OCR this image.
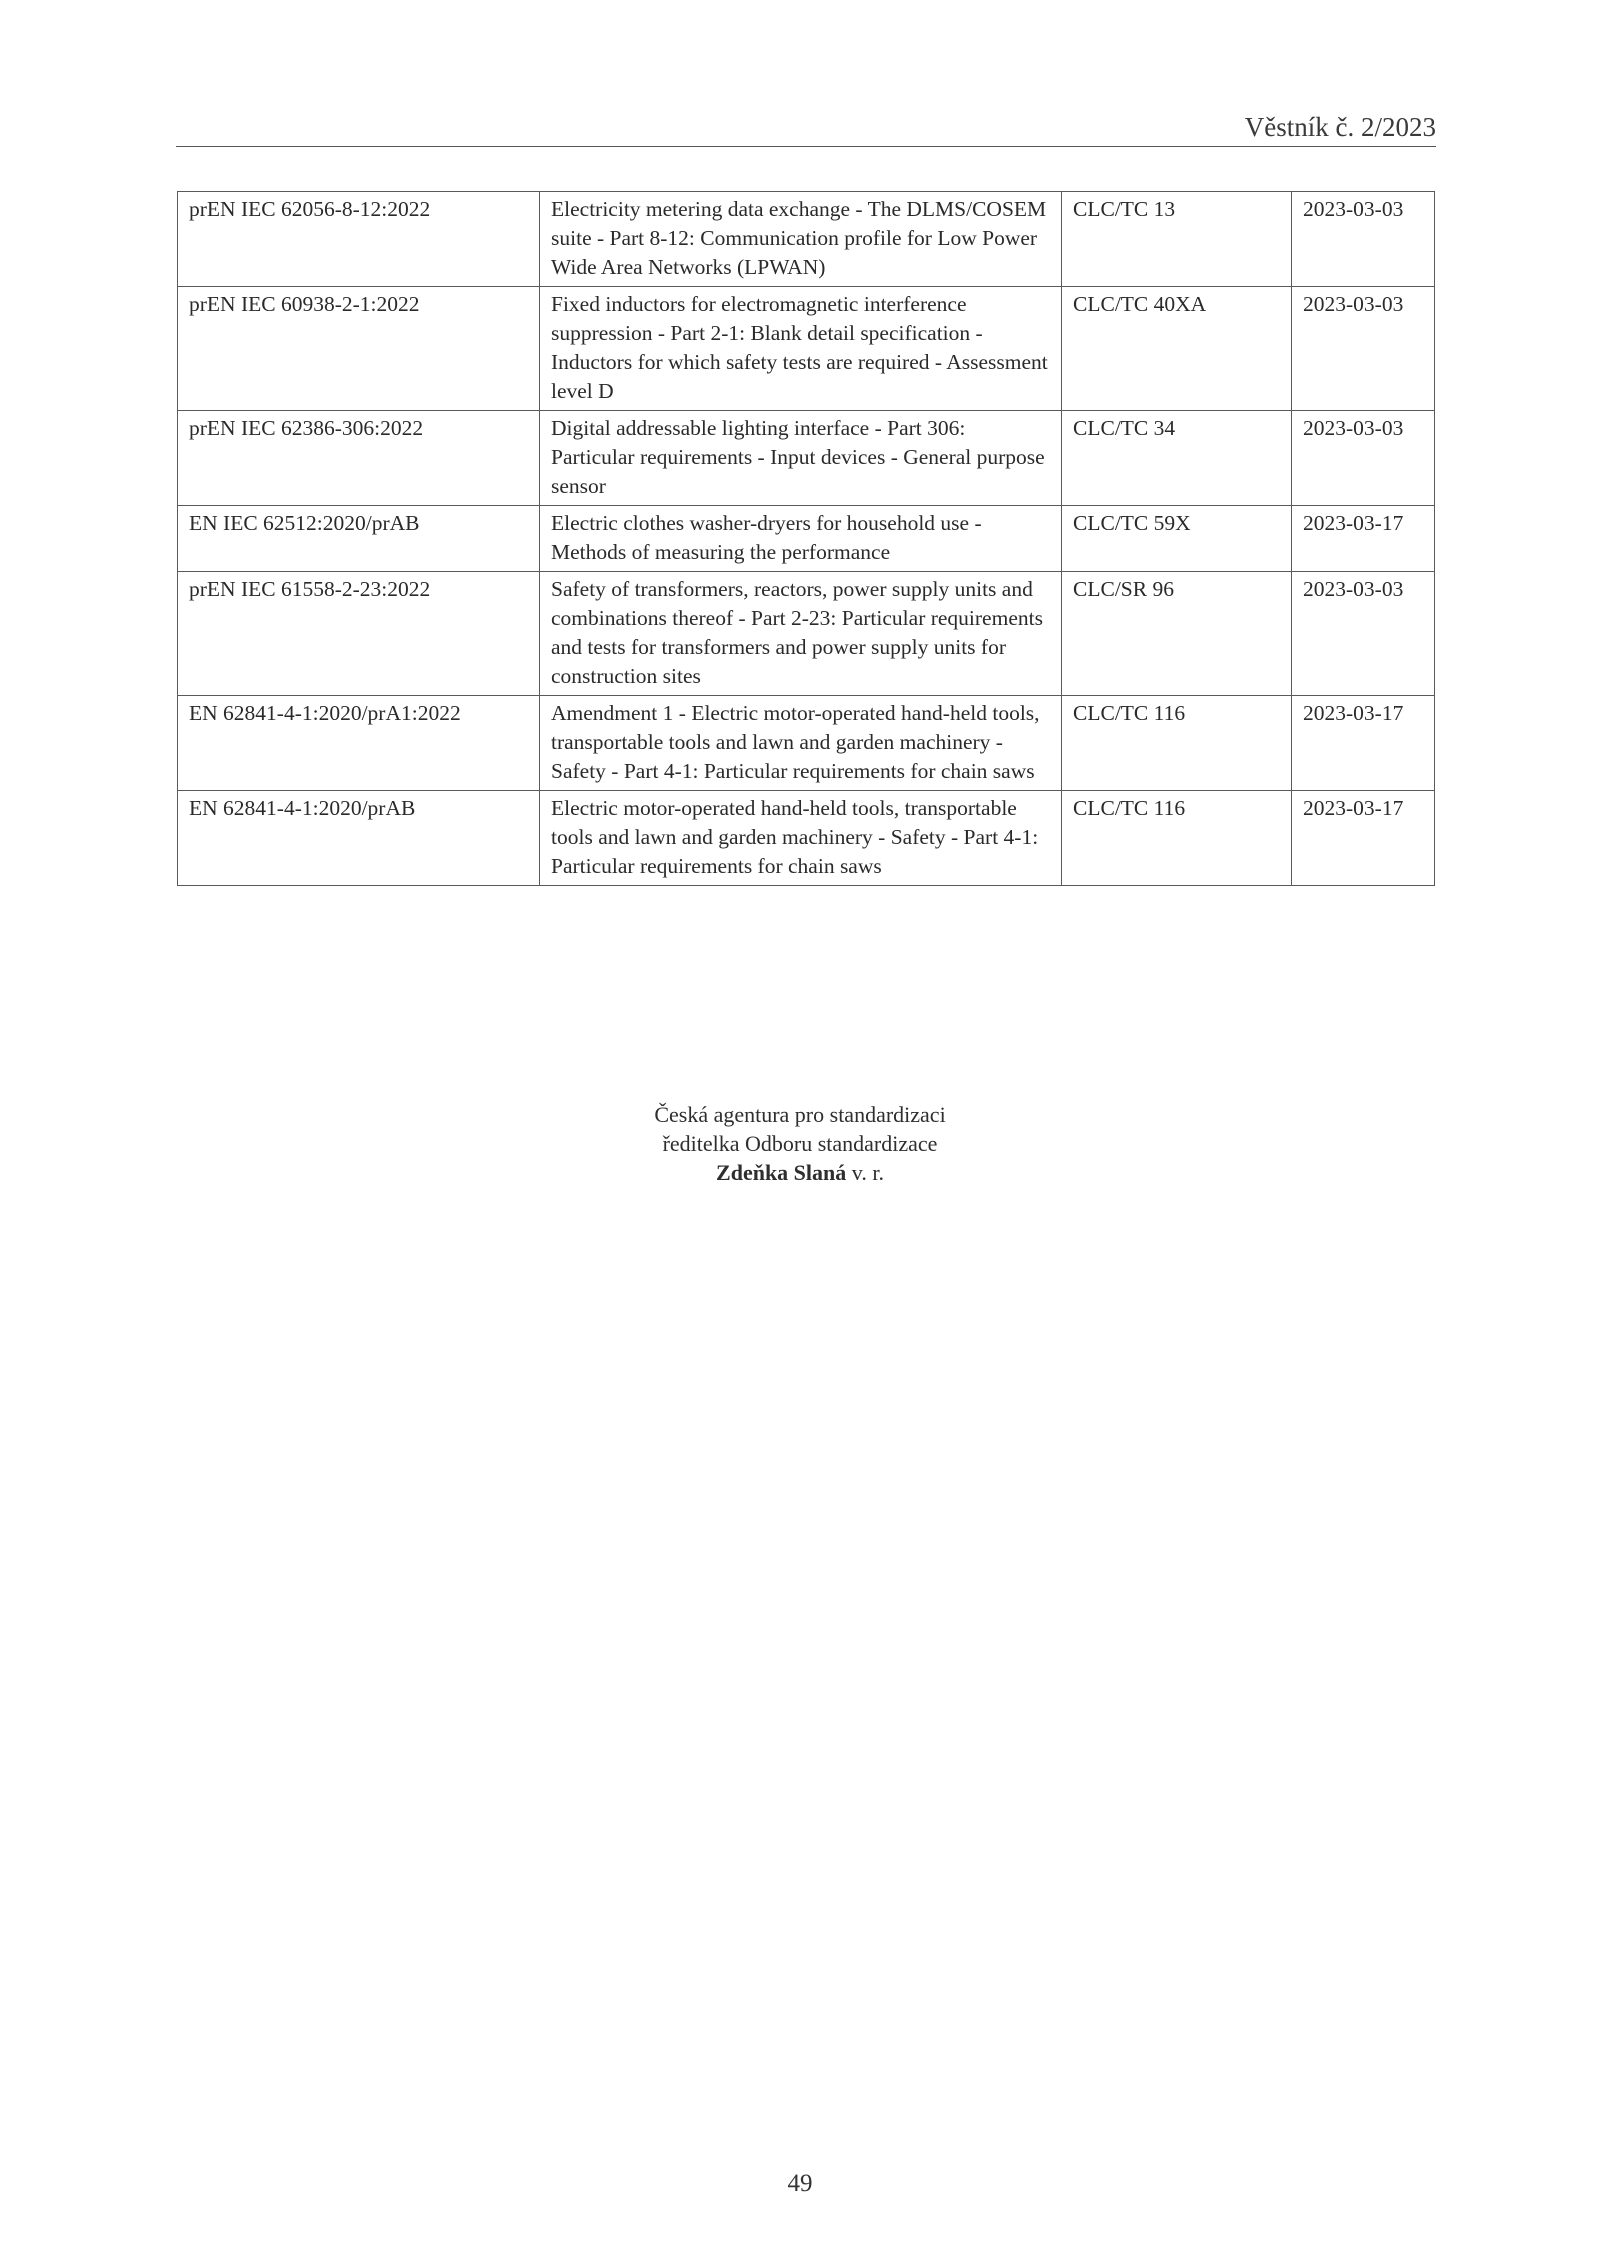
Věstník č. 2/2023
prEN IEC 62056-8-12:2022	Electricity metering data exchange - The DLMS/COSEM suite - Part 8-12: Communication profile for Low Power Wide Area Networks (LPWAN)	CLC/TC 13	2023-03-03
prEN IEC 60938-2-1:2022	Fixed inductors for electromagnetic interference suppression - Part 2-1: Blank detail specification - Inductors for which safety tests are required - Assessment level D	CLC/TC 40XA	2023-03-03
prEN IEC 62386-306:2022	Digital addressable lighting interface - Part 306: Particular requirements - Input devices - General purpose sensor	CLC/TC 34	2023-03-03
EN IEC 62512:2020/prAB	Electric clothes washer-dryers for household use - Methods of measuring the performance	CLC/TC 59X	2023-03-17
prEN IEC 61558-2-23:2022	Safety of transformers, reactors, power supply units and combinations thereof - Part 2-23: Particular requirements and tests for transformers and power supply units for construction sites	CLC/SR 96	2023-03-03
EN 62841-4-1:2020/prA1:2022	Amendment 1 - Electric motor-operated hand-held tools, transportable tools and lawn and garden machinery - Safety - Part 4-1: Particular requirements for chain saws	CLC/TC 116	2023-03-17
EN 62841-4-1:2020/prAB	Electric motor-operated hand-held tools, transportable tools and lawn and garden machinery - Safety - Part 4-1: Particular requirements for chain saws	CLC/TC 116	2023-03-17
Česká agentura pro standardizaci
ředitelka Odboru standardizace
Zdeňka Slaná v. r.
49
